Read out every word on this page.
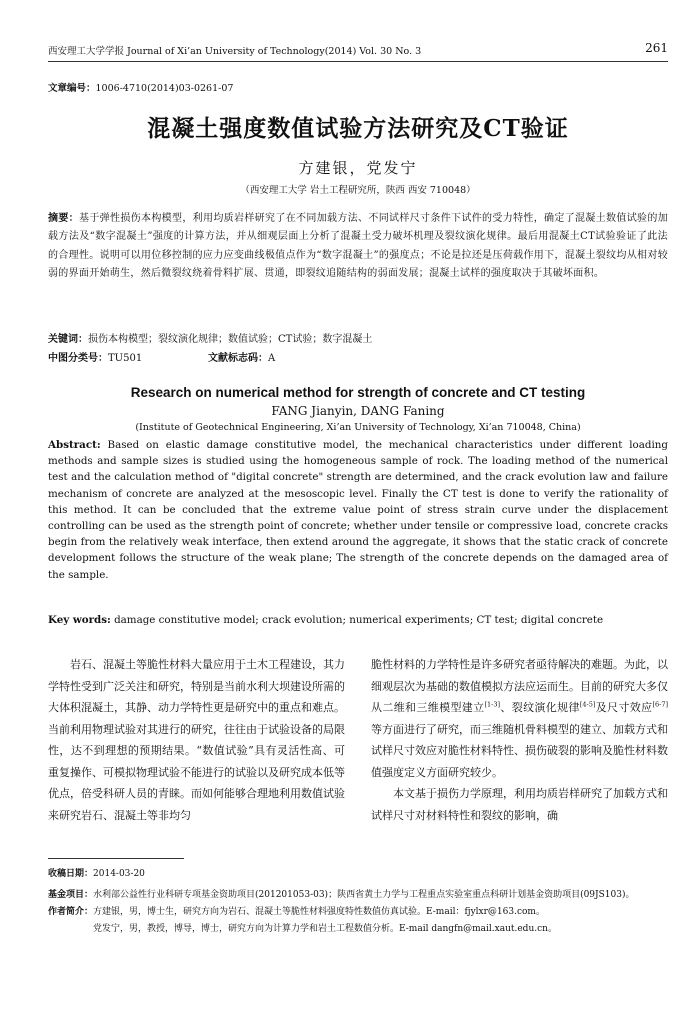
西安理工大学学报 Journal of Xi’an University of Technology(2014) Vol. 30 No. 3	261
文章编号：1006-4710(2014)03-0261-07
混凝土强度数值试验方法研究及CT验证
方建银，党发宁
（西安理工大学 岩土工程研究所，陕西 西安 710048）
摘要：基于弹性损伤本构模型，利用均质岩样研究了在不同加载方法、不同试样尺寸条件下试件的受力特性，确定了混凝土数值试验的加载方法及“数字混凝土”强度的计算方法，并从细观层面上分析了混凝土受力破坏机理及裂纹演化规律。最后用混凝土CT试验验证了此法的合理性。说明可以用位移控制的应力应变曲线极值点作为“数字混凝土”的强度点；不论是拉还是压荷载作用下，混凝土裂纹均从相对较弱的界面开始萌生，然后微裂纹绕着骨料扩展、贯通，即裂纹追随结构的弱面发展；混凝土试样的强度取决于其破坏面积。
关键词：损伤本构模型；裂纹演化规律；数值试验；CT试验；数字混凝土
中图分类号：TU501	文献标志码：A
Research on numerical method for strength of concrete and CT testing
FANG Jianyin, DANG Faning
(Institute of Geotechnical Engineering, Xi’an University of Technology, Xi’an 710048, China)
Abstract: Based on elastic damage constitutive model, the mechanical characteristics under different loading methods and sample sizes is studied using the homogeneous sample of rock. The loading method of the numerical test and the calculation method of "digital concrete" strength are determined, and the crack evolution law and failure mechanism of concrete are analyzed at the mesoscopic level. Finally the CT test is done to verify the rationality of this method. It can be concluded that the extreme value point of stress strain curve under the displacement controlling can be used as the strength point of concrete; whether under tensile or compressive load, concrete cracks begin from the relatively weak interface, then extend around the aggregate, it shows that the static crack of concrete development follows the structure of the weak plane; The strength of the concrete depends on the damaged area of the sample.
Key words: damage constitutive model; crack evolution; numerical experiments; CT test; digital concrete

岩石、混凝土等脆性材料大量应用于土木工程建设，其力学特性受到广泛关注和研究，特别是当前水利大坝建设所需的大体积混凝土，其静、动力学特性更是研究中的重点和难点。当前利用物理试验对其进行的研究，往往由于试验设备的局限性，达不到理想的预期结果。“数值试验”具有灵活性高、可重复操作、可模拟物理试验不能进行的试验以及研究成本低等优点，倍受科研人员的青睐。而如何能够合理地利用数值试验来研究岩石、混凝土等非均匀

脆性材料的力学特性是许多研究者亟待解决的难题。为此，以细观层次为基础的数值模拟方法应运而生。目前的研究大多仅从二维和三维模型建立[1-3]、裂纹演化规律[4-5]及尺寸效应[6-7]等方面进行了研究，而三维随机骨料模型的建立、加载方式和试样尺寸效应对脆性材料特性、损伤破裂的影响及脆性材料数值强度定义方面研究较少。

本文基于损伤力学原理，利用均质岩样研究了加载方式和试样尺寸对材料特性和裂纹的影响，确

收稿日期： 2014-03-20
基金项目： 水利部公益性行业科研专项基金资助项目(201201053-03)；陕西省黄土力学与工程重点实验室重点科研计划基金资助项目(09JS103)。
作者简介： 方建银，男，博士生，研究方向为岩石、混凝土等脆性材料强度特性数值仿真试验。E-mail：fjylxr@163.com。
党发宁，男，教授，博导，博士，研究方向为计算力学和岩土工程数值分析。E-mail dangfn@mail.xaut.edu.cn。
